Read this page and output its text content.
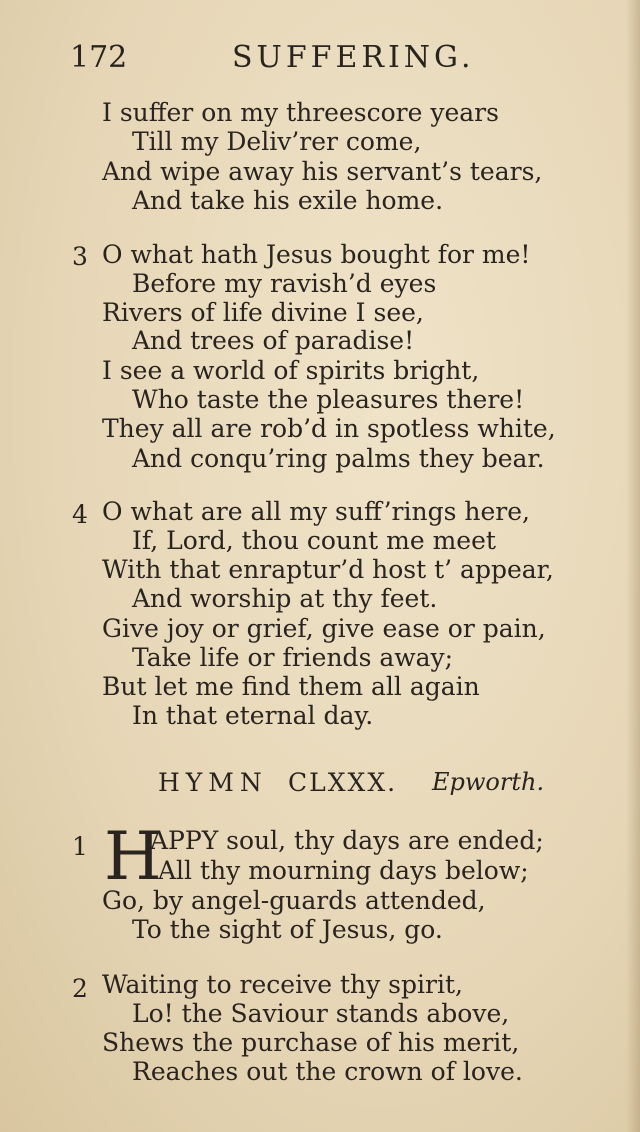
172	SUFFERING.
I suffer on my threescore years
Till my Deliv’rer come,
And wipe away his servant’s tears,
And take his exile home.
3 O what hath Jesus bought for me!
Before my ravish’d eyes
Rivers of life divine I see,
And trees of paradise!
I see a world of spirits bright,
Who taste the pleasures there!
They all are rob’d in spotless white,
And conqu’ring palms they bear.
4 O what are all my suff’rings here,
If, Lord, thou count me meet
With that enraptur’d host t’ appear,
And worship at thy feet.
Give joy or grief, give ease or pain,
Take life or friends away;
But let me find them all again
In that eternal day.
HYMN CLXXX. Epworth.
1 H
APPY soul, thy days are ended;
All thy mourning days below;
Go, by angel-guards attended,
To the sight of Jesus, go.
2 Waiting to receive thy spirit,
Lo! the Saviour stands above,
Shews the purchase of his merit,
Reaches out the crown of love.
